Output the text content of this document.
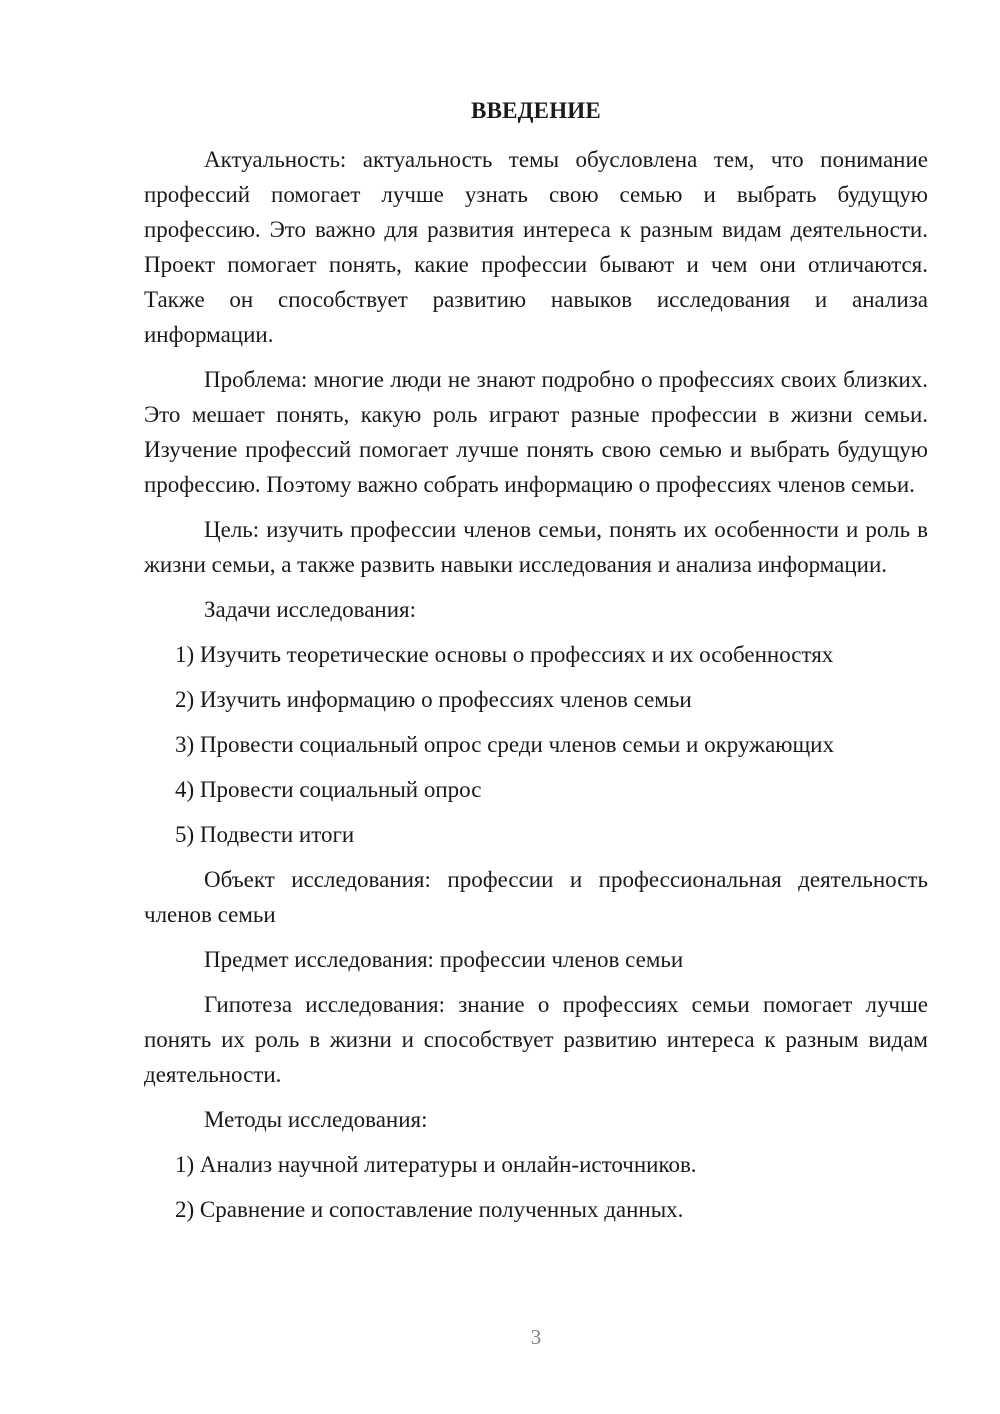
ВВЕДЕНИЕ

Актуальность: актуальность темы обусловлена тем, что понимание профессий помогает лучше узнать свою семью и выбрать будущую профессию. Это важно для развития интереса к разным видам деятельности. Проект помогает понять, какие профессии бывают и чем они отличаются. Также он способствует развитию навыков исследования и анализа информации.

Проблема: многие люди не знают подробно о профессиях своих близких. Это мешает понять, какую роль играют разные профессии в жизни семьи. Изучение профессий помогает лучше понять свою семью и выбрать будущую профессию. Поэтому важно собрать информацию о профессиях членов семьи.

Цель: изучить профессии членов семьи, понять их особенности и роль в жизни семьи, а также развить навыки исследования и анализа информации.

Задачи исследования:

1) Изучить теоретические основы о профессиях и их особенностях
2) Изучить информацию о профессиях членов семьи
3) Провести социальный опрос среди членов семьи и окружающих
4) Провести социальный опрос
5) Подвести итоги

Объект исследования: профессии и профессиональная деятельность членов семьи

Предмет исследования: профессии членов семьи

Гипотеза исследования: знание о профессиях семьи помогает лучше понять их роль в жизни и способствует развитию интереса к разным видам деятельности.

Методы исследования:

1) Анализ научной литературы и онлайн-источников.
2) Сравнение и сопоставление полученных данных.
3
